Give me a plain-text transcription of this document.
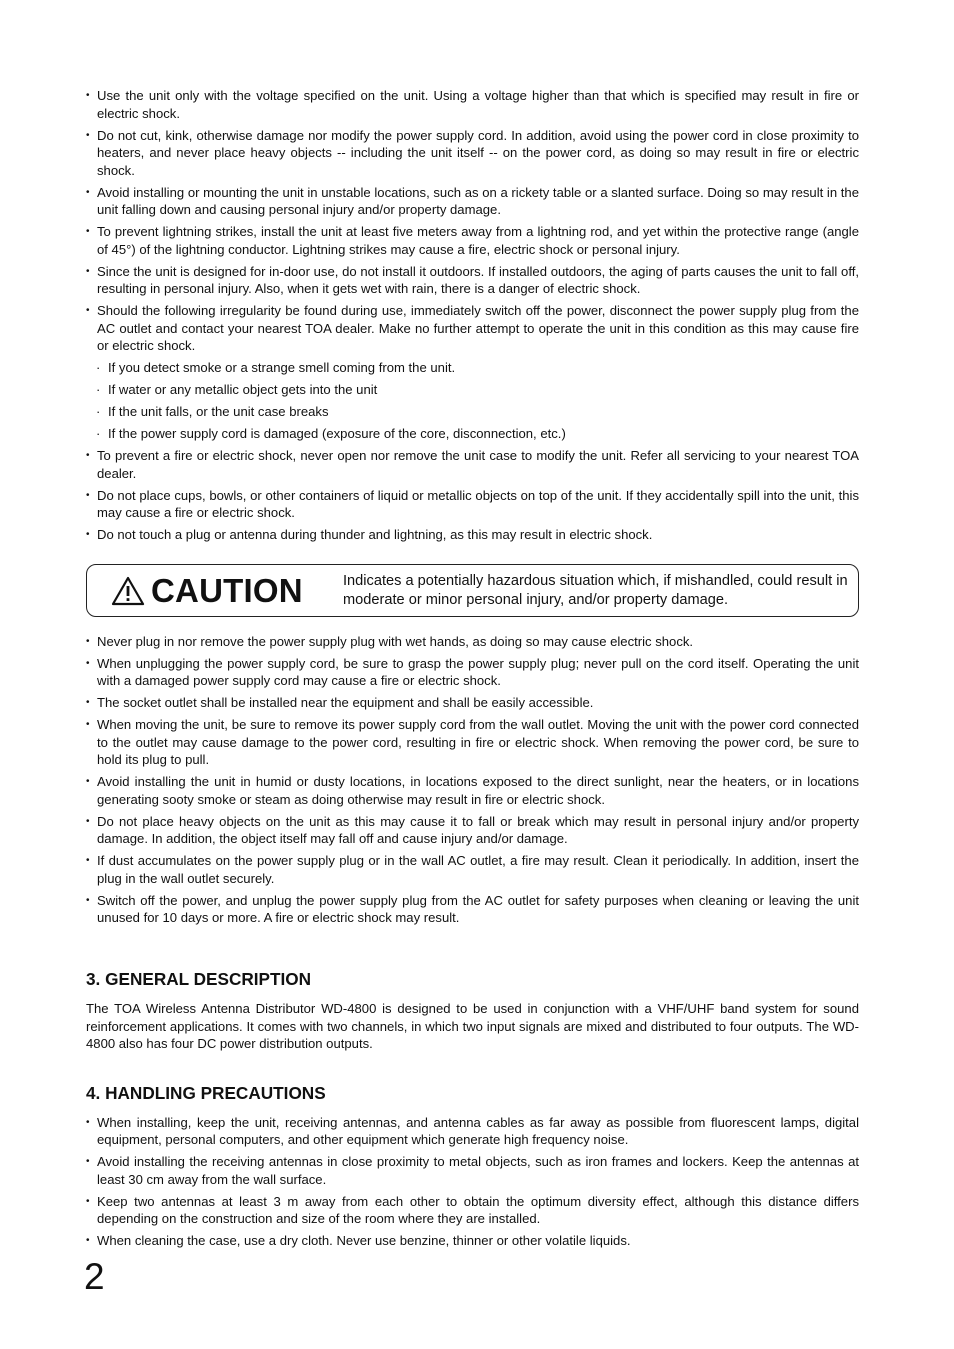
• Use the unit only with the voltage specified on the unit. Using a voltage higher than that which is specified may result in fire or electric shock.
• Do not cut, kink, otherwise damage nor modify the power supply cord. In addition, avoid using the power cord in close proximity to heaters, and never place heavy objects -- including the unit itself -- on the power cord, as doing so may result in fire or electric shock.
• Avoid installing or mounting the unit in unstable locations, such as on a rickety table or a slanted surface. Doing so may result in the unit falling down and causing personal injury and/or property damage.
• To prevent lightning strikes, install the unit at least five meters away from a lightning rod, and yet within the protective range (angle of 45°) of the lightning conductor. Lightning strikes may cause a fire, electric shock or personal injury.
• Since the unit is designed for in-door use, do not install it outdoors. If installed outdoors, the aging of parts causes the unit to fall off, resulting in personal injury. Also, when it gets wet with rain, there is a danger of electric shock.
• Should the following irregularity be found during use, immediately switch off the power, disconnect the power supply plug from the AC outlet and contact your nearest TOA dealer. Make no further attempt to operate the unit in this condition as this may cause fire or electric shock.
· If you detect smoke or a strange smell coming from the unit.
· If water or any metallic object gets into the unit
· If the unit falls, or the unit case breaks
· If the power supply cord is damaged (exposure of the core, disconnection, etc.)
• To prevent a fire or electric shock, never open nor remove the unit case to modify the unit. Refer all servicing to your nearest TOA dealer.
• Do not place cups, bowls, or other containers of liquid or metallic objects on top of the unit. If they accidentally spill into the unit, this may cause a fire or electric shock.
• Do not touch a plug or antenna during thunder and lightning, as this may result in electric shock.
CAUTION	Indicates a potentially hazardous situation which, if mishandled, could result in moderate or minor personal injury, and/or property damage.
• Never plug in nor remove the power supply plug with wet hands, as doing so may cause electric shock.
• When unplugging the power supply cord, be sure to grasp the power supply plug; never pull on the cord itself. Operating the unit with a damaged power supply cord may cause a fire or electric shock.
• The socket outlet shall be installed near the equipment and shall be easily accessible.
• When moving the unit, be sure to remove its power supply cord from the wall outlet. Moving the unit with the power cord connected to the outlet may cause damage to the power cord, resulting in fire or electric shock. When removing the power cord, be sure to hold its plug to pull.
• Avoid installing the unit in humid or dusty locations, in locations exposed to the direct sunlight, near the heaters, or in locations generating sooty smoke or steam as doing otherwise may result in fire or electric shock.
• Do not place heavy objects on the unit as this may cause it to fall or break which may result in personal injury and/or property damage. In addition, the object itself may fall off and cause injury and/or damage.
• If dust accumulates on the power supply plug or in the wall AC outlet, a fire may result. Clean it periodically. In addition, insert the plug in the wall outlet securely.
• Switch off the power, and unplug the power supply plug from the AC outlet for safety purposes when cleaning or leaving the unit unused for 10 days or more. A fire or electric shock may result.
3. GENERAL DESCRIPTION

The TOA Wireless Antenna Distributor WD-4800 is designed to be used in conjunction with a VHF/UHF band system for sound reinforcement applications. It comes with two channels, in which two input signals are mixed and distributed to four outputs. The WD-4800 also has four DC power distribution outputs.

4. HANDLING PRECAUTIONS
• When installing, keep the unit, receiving antennas, and antenna cables as far away as possible from fluorescent lamps, digital equipment, personal computers, and other equipment which generate high frequency noise.
• Avoid installing the receiving antennas in close proximity to metal objects, such as iron frames and lockers. Keep the antennas at least 30 cm away from the wall surface.
• Keep two antennas at least 3 m away from each other to obtain the optimum diversity effect, although this distance differs depending on the construction and size of the room where they are installed.
• When cleaning the case, use a dry cloth. Never use benzine, thinner or other volatile liquids.
2
